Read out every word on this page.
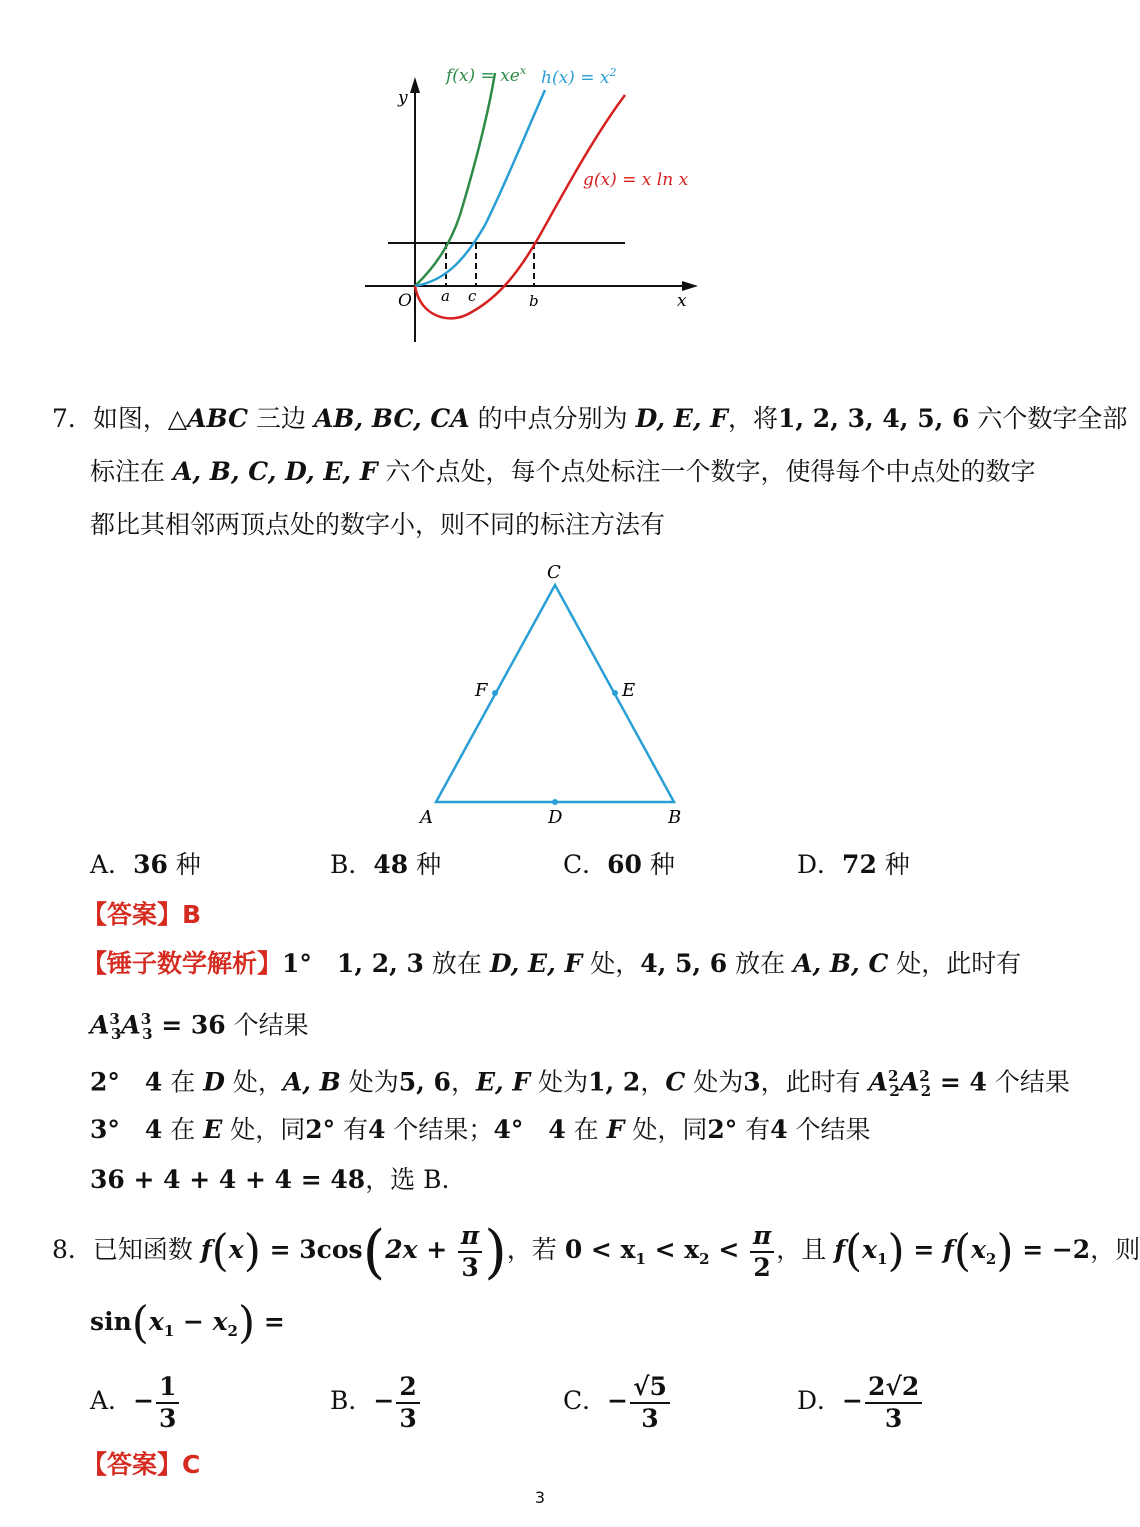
$f(x) = xe^x$ $h(x) = x^2$
g(x) = x ln x
y
x
O a c	b
7．如图，△ABC 三边 AB, BC, CA 的中点分别为 D, E, F，将1, 2, 3, 4, 5, 6 六个数字全部
标注在 A, B, C, D, E, F 六个点处，每个点处标注一个数字，使得每个中点处的数字
都比其相邻两顶点处的数字小，则不同的标注方法有
A	B
C
D
E
F
A．36 种	B．48 种	C．60 种	D．72 种
【答案】B
【锤子数学解析】1°　1, 2, 3 放在 D, E, F 处，4, 5, 6 放在 A, B, C 处，此时有
$A^3_3A^3_3 = 36$ 个结果
2°　4 在 D 处，A, B 处为5, 6，E, F 处为1, 2，C 处为3，此时有 $A^2_2A^2_2 = 4$ 个结果
3°　4 在 E 处，同2° 有4 个结果；4°　4 在 F 处，同2° 有4 个结果
36 + 4 + 4 + 4 = 48，选 B.
8．已知函数 $f(x) = 3\cos(2x + \frac{\pi}{3}$ )，若 $0 < x_1 < x_2 < \frac{\pi}{2}$ ，且 $f(x_1) = f(x_2) = -2$，则
$\sin(x_1 - x_2)$ =
A．− $\frac{1}{3}$	B．− $\frac{2}{3}$	C．− $\frac{√5}{3}$	D．− $\frac{2√2}{3}$
【答案】C
3
